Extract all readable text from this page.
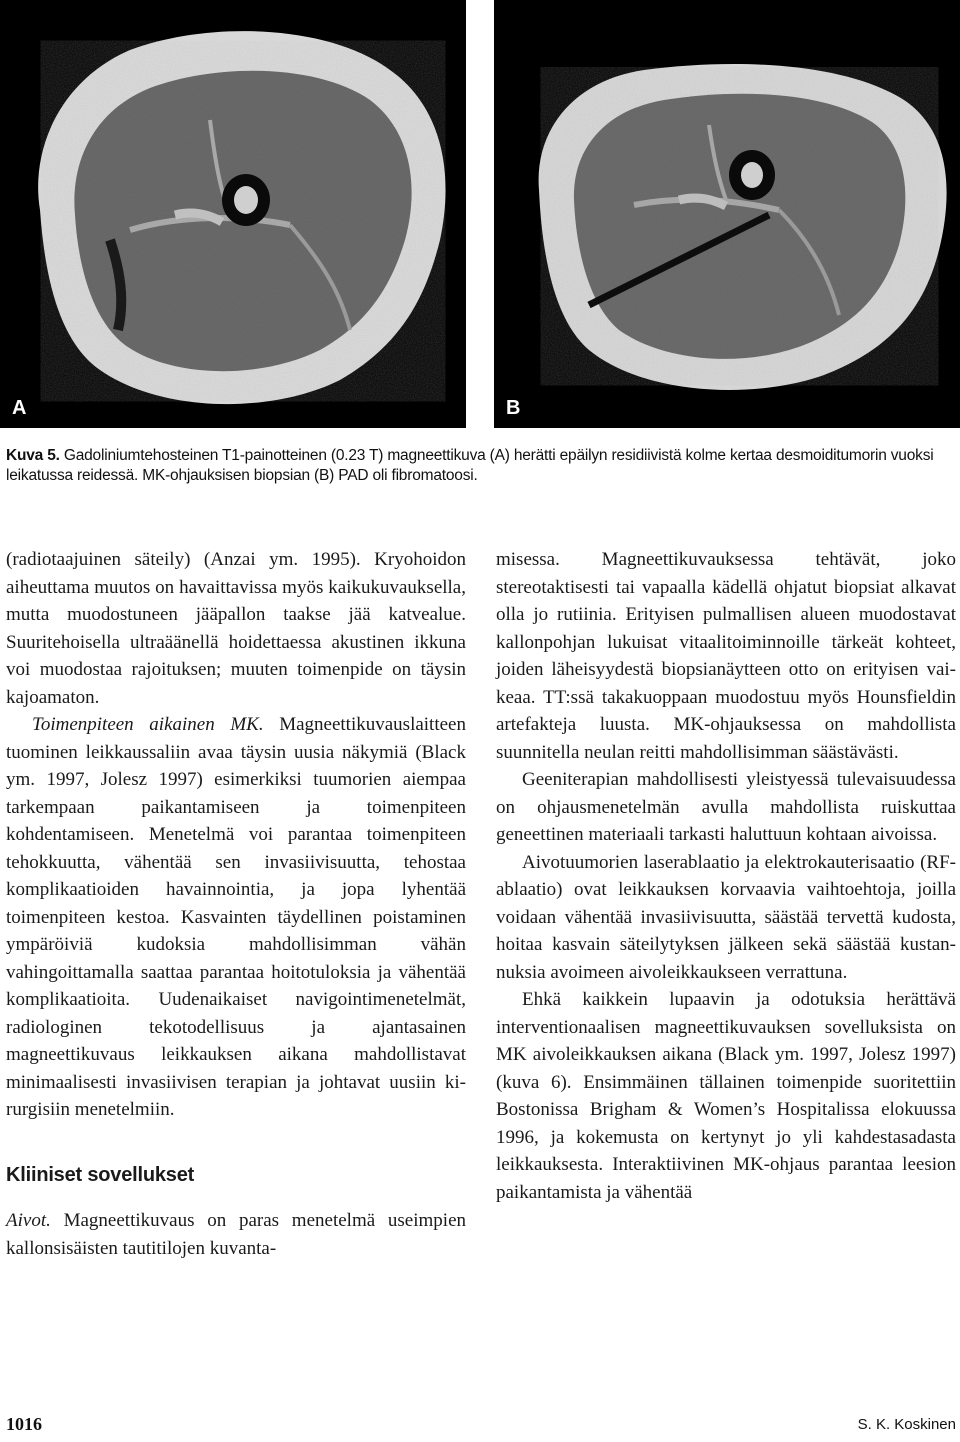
A	B
Kuva 5. Gadoliniumtehosteinen T1-painotteinen (0.23 T) magneettikuva (A) herätti epäilyn residiivistä kolme kertaa desmoiditumorin vuoksi leikatussa reidessä. MK-ohjauksisen biopsian (B) PAD oli fibromatoosi.

(radiotaajuinen säteily) (Anzai ym. 1995). Kryohoidon aiheuttama muutos on havaittavissa myös kaikukuvauksella, mutta muodostuneen jääpallon taakse jää katvealue. Suuritehoisella ultraäänellä hoidettaessa akustinen ikkuna voi muodostaa rajoituksen; muuten toimenpide on täysin kajoamaton.

Toimenpiteen aikainen MK. Magneettikuvauslaitteen tuominen leikkaussaliin avaa täysin uusia näkymiä (Black ym. 1997, Jolesz 1997) esimerkiksi tuumorien aiempaa tarkempaan paikantamiseen ja toimenpiteen kohdentamiseen. Menetelmä voi parantaa toimenpiteen tehokkuutta, vähentää sen invasiivisuutta, tehostaa komplikaatioiden havainnointia, ja jopa lyhentää toimenpiteen kestoa. Kasvainten täydellinen poistaminen ympäröiviä kudoksia mahdollisimman vähän vahingoittamalla saattaa parantaa hoitotuloksia ja vähentää komplikaatioita. Uudenaikaiset navigointimenetelmät, radiologinen tekotodellisuus ja ajantasainen magneettikuvaus leikkauksen aikana mahdollistavat minimaalisesti invasiivisen terapian ja johtavat uusiin kirurgisiin menetelmiin.

Kliiniset sovellukset

Aivot. Magneettikuvaus on paras menetelmä useimpien kallonsisäisten tautitilojen kuvanta-

misessa. Magneettikuvauksessa tehtävät, joko stereotaktisesti tai vapaalla kädellä ohjatut biopsiat alkavat olla jo rutiinia. Erityisen pulmallisen alueen muodostavat kallonpohjan lukuisat vitaalitoiminnoille tärkeät kohteet, joiden läheisyydestä biopsianäytteen otto on erityisen vaikeaa. TT:ssä takakuoppaan muodostuu myös Hounsfieldin artefakteja luusta. MK-ohjauksessa on mahdollista suunnitella neulan reitti mahdollisimman säästävästi.

Geeniterapian mahdollisesti yleistyessä tulevaisuudessa on ohjausmenetelmän avulla mahdollista ruiskuttaa geneettinen materiaali tarkasti haluttuun kohtaan aivoissa.

Aivotuumorien laserablaatio ja elektrokauterisaatio (RF-ablaatio) ovat leikkauksen korvaavia vaihtoehtoja, joilla voidaan vähentää invasiivisuutta, säästää tervettä kudosta, hoitaa kasvain säteilytyksen jälkeen sekä säästää kustannuksia avoimeen aivoleikkaukseen verrattuna.

Ehkä kaikkein lupaavin ja odotuksia herättävä interventionaalisen magneettikuvauksen sovelluksista on MK aivoleikkauksen aikana (Black ym. 1997, Jolesz 1997) (kuva 6). Ensimmäinen tällainen toimenpide suoritettiin Bostonissa Brigham & Women’s Hospitalissa elokuussa 1996, ja kokemusta on kertynyt jo yli kahdestasadasta leikkauksesta. Interaktiivinen MK-ohjaus parantaa leesion paikantamista ja vähentää

1016	S. K. Koskinen
